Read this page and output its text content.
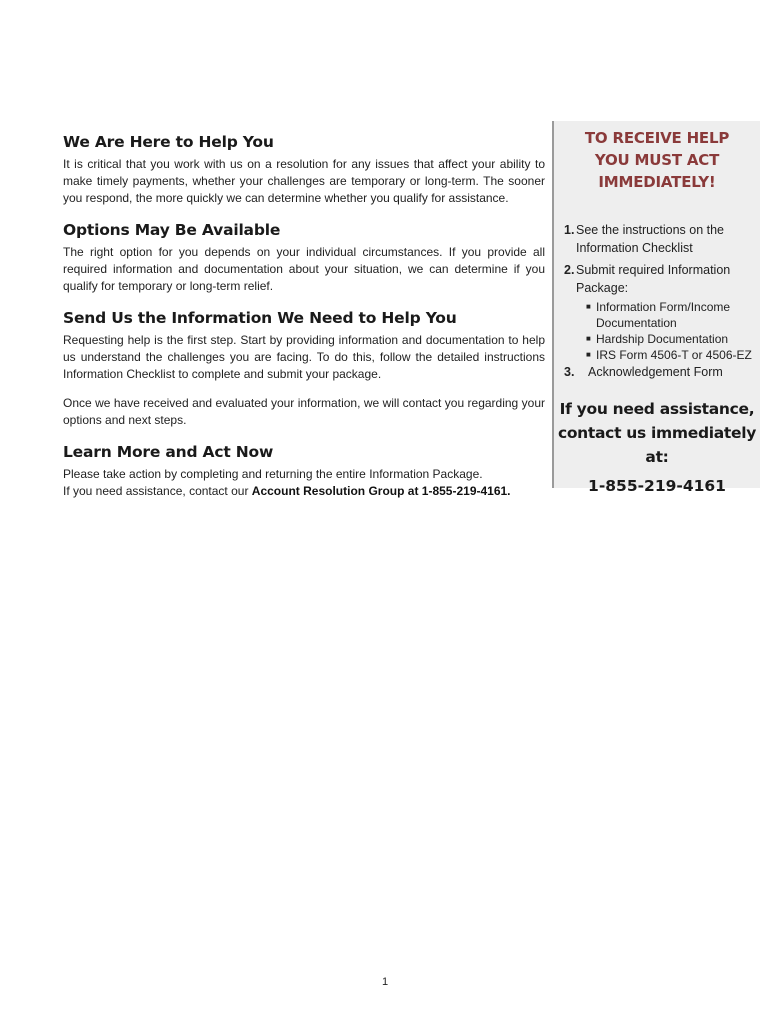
We Are Here to Help You

It is critical that you work with us on a resolution for any issues that affect your ability to make timely payments, whether your challenges are temporary or long-term. The sooner you respond, the more quickly we can determine whether you qualify for assistance.

Options May Be Available

The right option for you depends on your individual circumstances. If you provide all required information and documentation about your situation, we can determine if you qualify for temporary or long-term relief.

Send Us the Information We Need to Help You

Requesting help is the first step. Start by providing information and documentation to help us understand the challenges you are facing. To do this, follow the detailed instructions Information Checklist to complete and submit your package.

Once we have received and evaluated your information, we will contact you regarding your options and next steps.

Learn More and Act Now

Please take action by completing and returning the entire Information Package.

If you need assistance, contact our Account Resolution Group at 1-855-219-4161.

TO RECEIVE HELP YOU MUST ACT IMMEDIATELY!
1. See the instructions on the Information Checklist
2. Submit required Information Package:
■ Information Form/Income Documentation
■ Hardship Documentation
■ IRS Form 4506-T or 4506-EZ
3.	Acknowledgement Form
If you need assistance, contact us immediately at:
1-855-219-4161
1
